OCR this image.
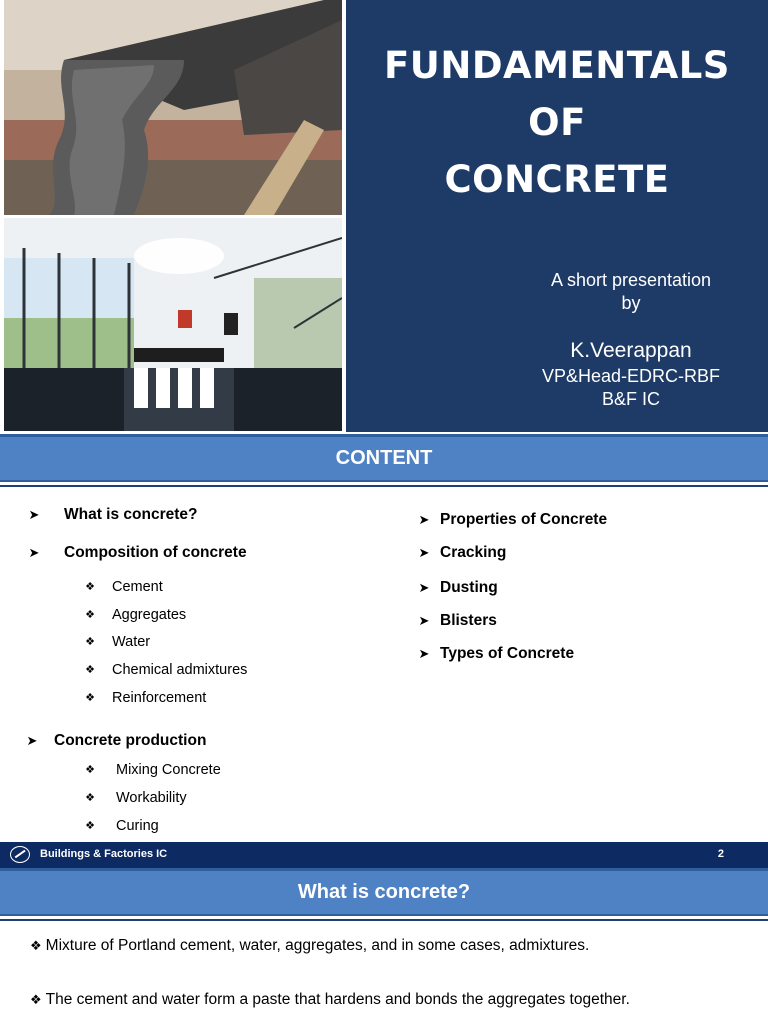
FUNDAMENTALS
OF
CONCRETE
A short presentation
by
K.Veerappan
VP&Head-EDRC-RBF
B&F IC
CONTENT
➤ What is concrete?
➤ Composition of concrete
❖ Cement
❖ Aggregates
❖ Water
❖ Chemical admixtures
❖ Reinforcement
➤ Concrete production
❖ Mixing Concrete
❖ Workability
❖ Curing
➤ Properties of Concrete
➤ Cracking
➤ Dusting
➤ Blisters
➤ Types of Concrete
Buildings & Factories IC	2
What is concrete?
❖ Mixture of Portland cement, water, aggregates, and in some cases, admixtures.
❖ The cement and water form a paste that hardens and bonds the aggregates together.
